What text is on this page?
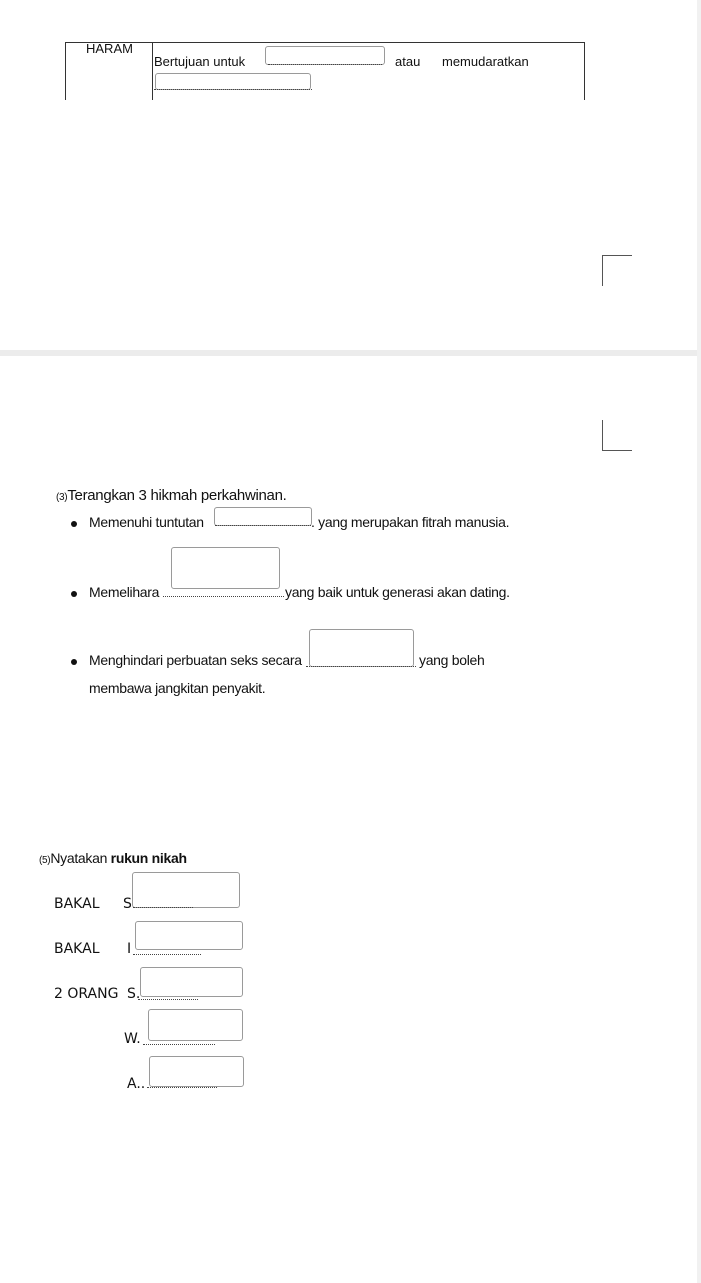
HARAM
Bertujuan untuk	atau memudaratkan
(3)Terangkan 3 hikmah perkahwinan.
Memenuhi tuntutan	. yang merupakan fitrah manusia.
Memelihara	yang baik untuk generasi akan dating.
Menghindari perbuatan seks secara	yang boleh
membawa jangkitan penyakit.
(5)Nyatakan rukun nikah
BAKAL S
BAKAL I
2 ORANG S.
W.
A..
